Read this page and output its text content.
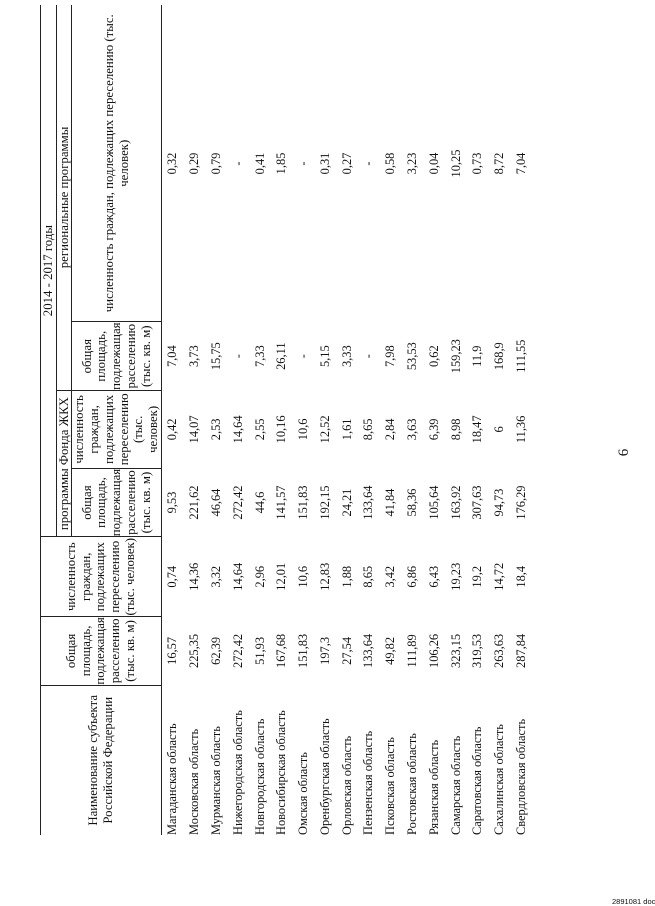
6
2891081 doc
Наименование субъекта Российской Федерации	общая площадь, подлежащая расселению (тыс. кв. м)	численность граждан, подлежащих переселению (тыс. человек)	2014 - 2017 годы			
			программы Фонда ЖКХ		региональные программы	
			общая площадь, подлежащая расселению (тыс. кв. м)	численность граждан, подлежащих переселению (тыс. человек)	общая площадь, подлежащая расселению (тыс. кв. м)	численность граждан, подлежащих переселению (тыс. человек)
Магаданская область	16,57	0,74	9,53	0,42	7,04	0,32
Московская область	225,35	14,36	221,62	14,07	3,73	0,29
Мурманская область	62,39	3,32	46,64	2,53	15,75	0,79
Нижегородская область	272,42	14,64	272,42	14,64	-	-
Новгородская область	51,93	2,96	44,6	2,55	7,33	0,41
Новосибирская область	167,68	12,01	141,57	10,16	26,11	1,85
Омская область	151,83	10,6	151,83	10,6	-	-
Оренбургская область	197,3	12,83	192,15	12,52	5,15	0,31
Орловская область	27,54	1,88	24,21	1,61	3,33	0,27
Пензенская область	133,64	8,65	133,64	8,65	-	-
Псковская область	49,82	3,42	41,84	2,84	7,98	0,58
Ростовская область	111,89	6,86	58,36	3,63	53,53	3,23
Рязанская область	106,26	6,43	105,64	6,39	0,62	0,04
Самарская область	323,15	19,23	163,92	8,98	159,23	10,25
Саратовская область	319,53	19,2	307,63	18,47	11,9	0,73
Сахалинская область	263,63	14,72	94,73	6	168,9	8,72
Свердловская область	287,84	18,4	176,29	11,36	111,55	7,04
